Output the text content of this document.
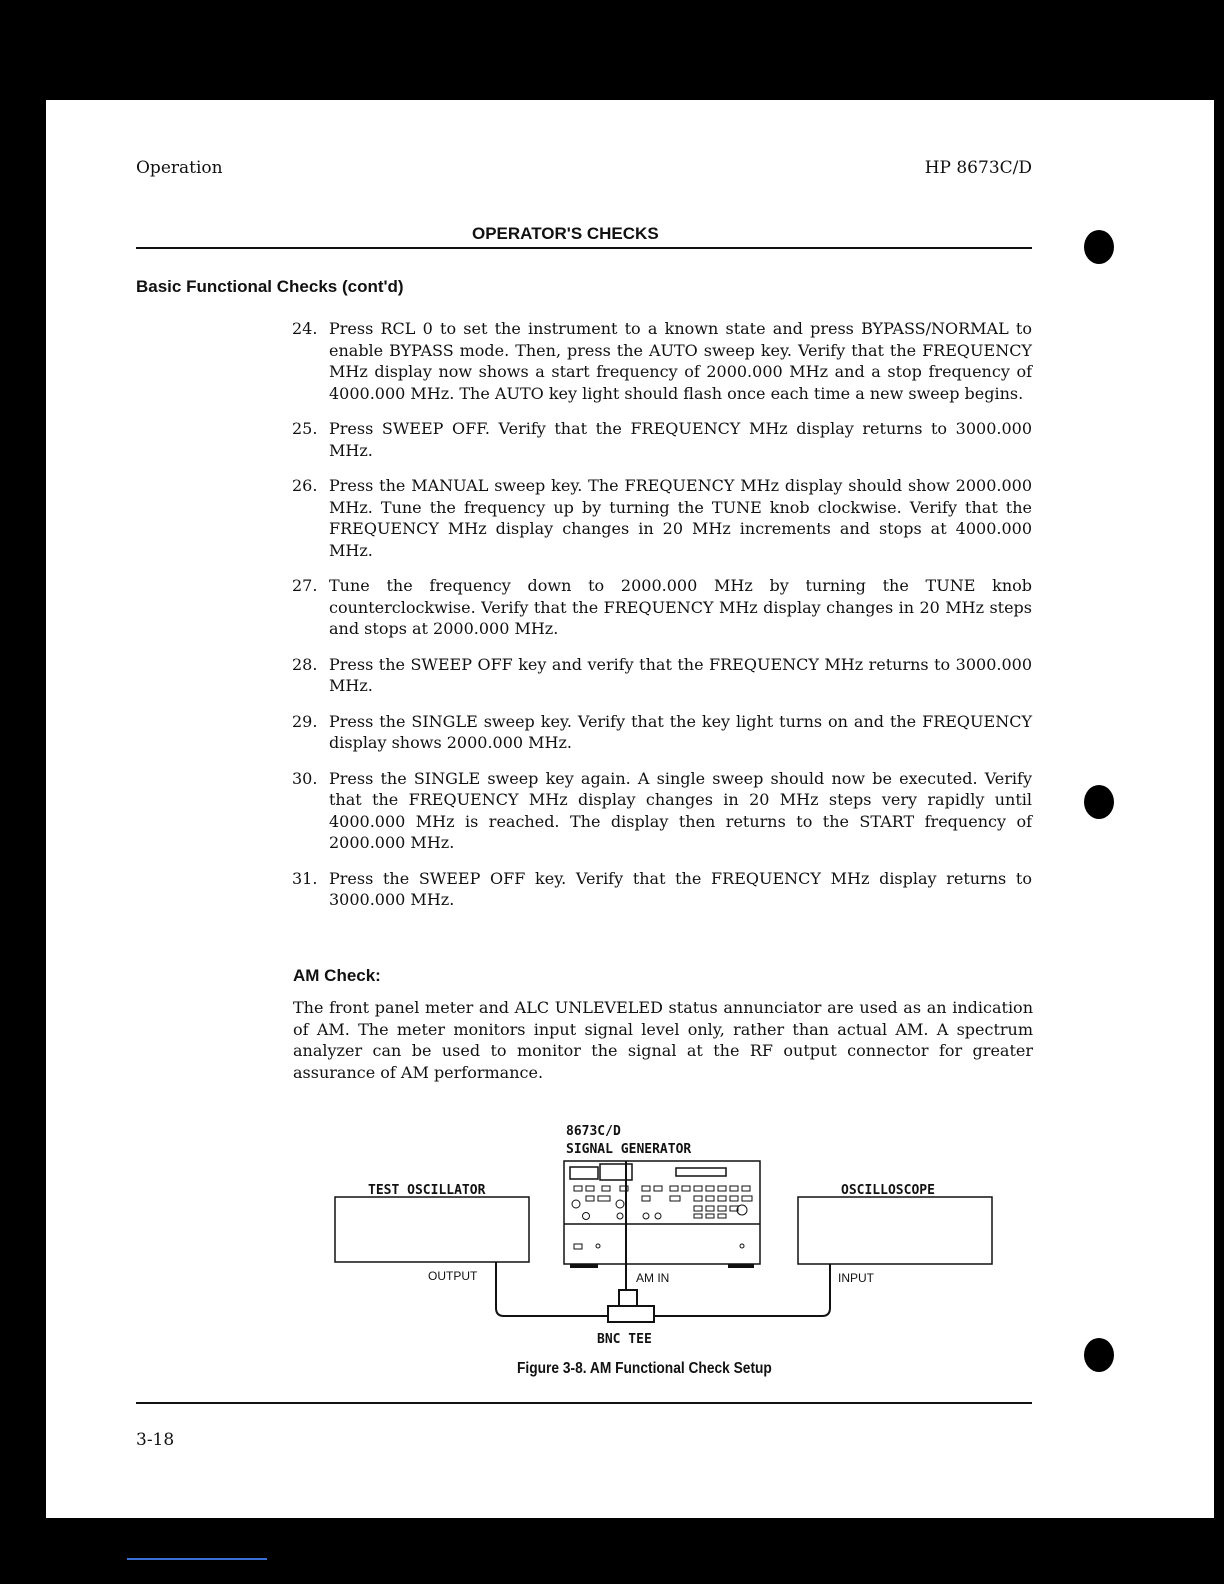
Operation	HP 8673C/D
OPERATOR'S CHECKS
Basic Functional Checks (cont'd)
24. Press RCL 0 to set the instrument to a known state and press BYPASS/NORMAL to enable BYPASS mode. Then, press the AUTO sweep key. Verify that the FREQUENCY MHz display now shows a start frequency of 2000.000 MHz and a stop frequency of 4000.000 MHz. The AUTO key light should flash once each time a new sweep begins.
25. Press SWEEP OFF. Verify that the FREQUENCY MHz display returns to 3000.000 MHz.
26. Press the MANUAL sweep key. The FREQUENCY MHz display should show 2000.000 MHz. Tune the frequency up by turning the TUNE knob clockwise. Verify that the FREQUENCY MHz display changes in 20 MHz increments and stops at 4000.000 MHz.
27. Tune the frequency down to 2000.000 MHz by turning the TUNE knob counterclockwise. Verify that the FREQUENCY MHz display changes in 20 MHz steps and stops at 2000.000 MHz.
28. Press the SWEEP OFF key and verify that the FREQUENCY MHz returns to 3000.000 MHz.
29. Press the SINGLE sweep key. Verify that the key light turns on and the FREQUENCY display shows 2000.000 MHz.
30. Press the SINGLE sweep key again. A single sweep should now be executed. Verify that the FREQUENCY MHz display changes in 20 MHz steps very rapidly until 4000.000 MHz is reached. The display then returns to the START frequency of 2000.000 MHz.
31. Press the SWEEP OFF key. Verify that the FREQUENCY MHz display returns to 3000.000 MHz.
AM Check:

The front panel meter and ALC UNLEVELED status annunciator are used as an indication of AM. The meter monitors input signal level only, rather than actual AM. A spectrum analyzer can be used to monitor the signal at the RF output connector for greater assurance of AM performance.

8673C/D
SIGNAL GENERATOR
TEST OSCILLATOR
OUTPUT
OSCILLOSCOPE
INPUT
AM IN
BNC TEE
Figure 3-8. AM Functional Check Setup
3-18
